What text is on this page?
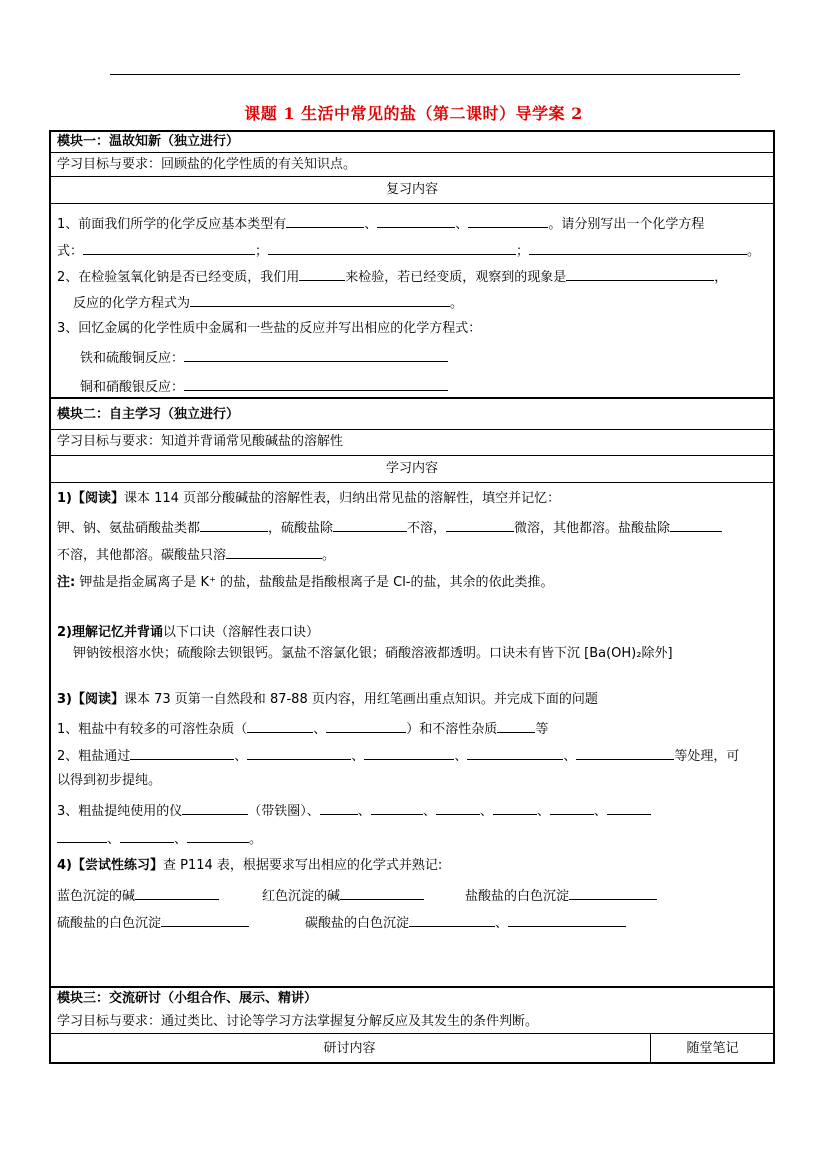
课题 1 生活中常见的盐（第二课时）导学案 2
模块一：温故知新（独立进行）
学习目标与要求：回顾盐的化学性质的有关知识点。
复习内容
1、前面我们所学的化学反应基本类型有	、	、	。请分别写出一个化学方程
式：	；	；	。
2、在检验氢氧化钠是否已经变质，我们用	来检验，若已经变质，观察到的现象是	，
反应的化学方程式为	。
3、回忆金属的化学性质中金属和一些盐的反应并写出相应的化学方程式：
铁和硫酸铜反应：
铜和硝酸银反应：
模块二：自主学习（独立进行）
学习目标与要求：知道并背诵常见酸碱盐的溶解性
学习内容
1)【阅读】课本 114 页部分酸碱盐的溶解性表，归纳出常见盐的溶解性，填空并记忆：
钾、钠、氨盐硝酸盐类都	，硫酸盐除	不溶，	微溶，其他都溶。盐酸盐除
不溶，其他都溶。碳酸盐只溶	。
注: 钾盐是指金属离子是 K⁺ 的盐，盐酸盐是指酸根离子是 Cl-的盐，其余的依此类推。
2)理解记忆并背诵以下口诀（溶解性表口诀）
钾钠铵根溶水快；硫酸除去钡银钙。氯盐不溶氯化银；硝酸溶液都透明。口诀未有皆下沉 [Ba(OH)₂除外]
3)【阅读】课本 73 页第一自然段和 87-88 页内容，用红笔画出重点知识。并完成下面的问题
1、粗盐中有较多的可溶性杂质（	、	）和不溶性杂质	等
2、粗盐通过	、	、	、	、	等处理，可
以得到初步提纯。
3、粗盐提纯使用的仪	（带铁圈）、	、	、	、	、	、
、	、	。
4)【尝试性练习】查 P114 表，根据要求写出相应的化学式并熟记:
蓝色沉淀的碱	红色沉淀的碱	盐酸盐的白色沉淀
硫酸盐的白色沉淀	碳酸盐的白色沉淀	、
模块三：交流研讨（小组合作、展示、精讲）
学习目标与要求：通过类比、讨论等学习方法掌握复分解反应及其发生的条件判断。
研讨内容	随堂笔记
